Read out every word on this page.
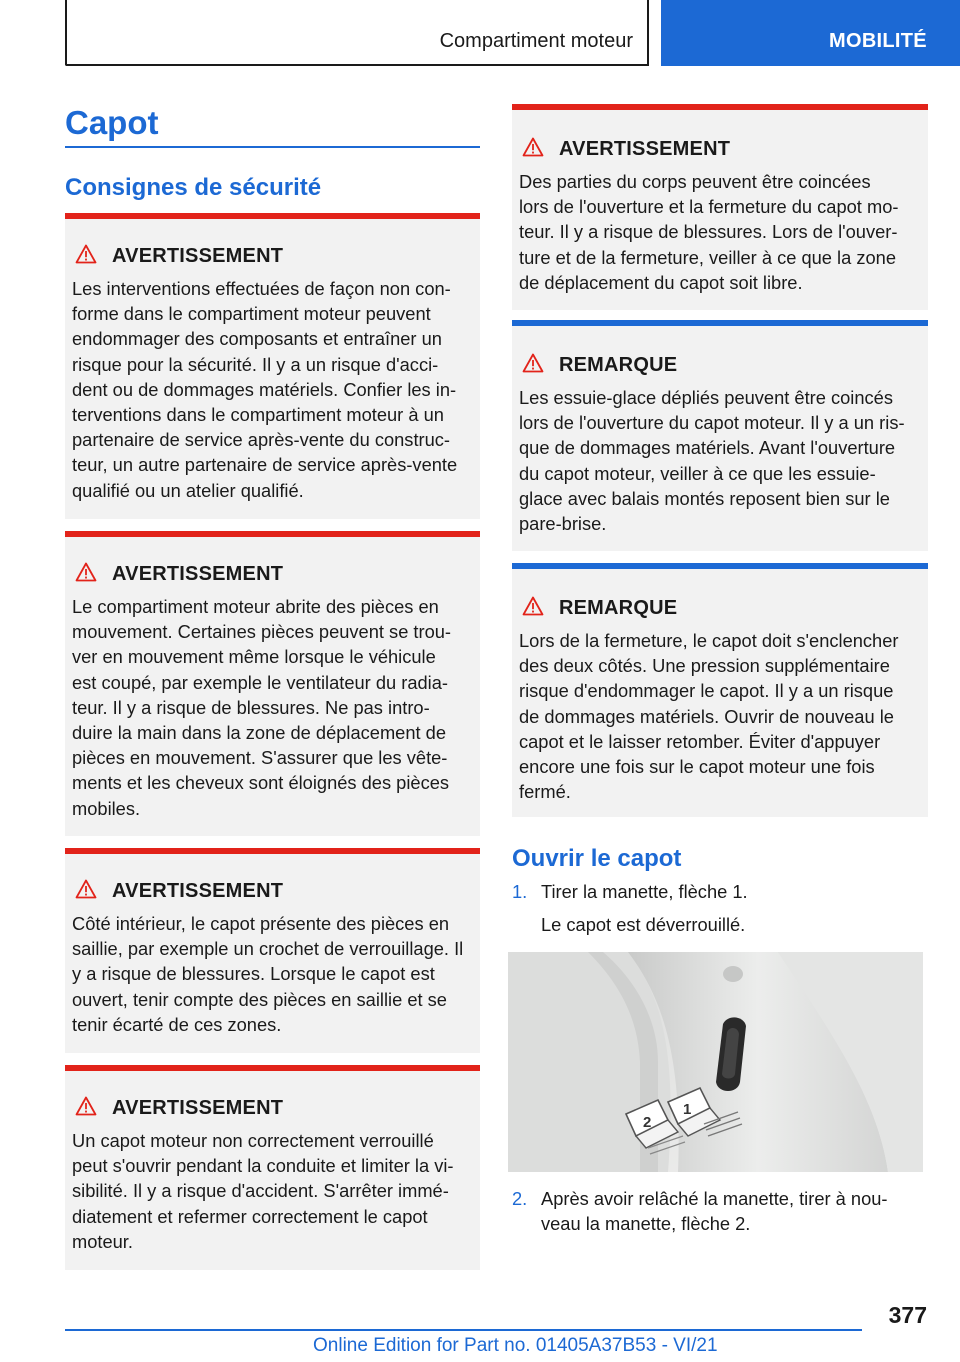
Compartiment moteur	MOBILITÉ
Capot
Consignes de sécurité
AVERTISSEMENT
Les interventions effectuées de façon non con-
forme dans le compartiment moteur peuvent
endommager des composants et entraîner un
risque pour la sécurité. Il y a un risque d'acci-
dent ou de dommages matériels. Confier les in-
terventions dans le compartiment moteur à un
partenaire de service après-vente du construc-
teur, un autre partenaire de service après-vente
qualifié ou un atelier qualifié.
AVERTISSEMENT
Le compartiment moteur abrite des pièces en
mouvement. Certaines pièces peuvent se trou-
ver en mouvement même lorsque le véhicule
est coupé, par exemple le ventilateur du radia-
teur. Il y a risque de blessures. Ne pas intro-
duire la main dans la zone de déplacement de
pièces en mouvement. S'assurer que les vête-
ments et les cheveux sont éloignés des pièces
mobiles.
AVERTISSEMENT
Côté intérieur, le capot présente des pièces en
saillie, par exemple un crochet de verrouillage. Il
y a risque de blessures. Lorsque le capot est
ouvert, tenir compte des pièces en saillie et se
tenir écarté de ces zones.
AVERTISSEMENT
Un capot moteur non correctement verrouillé
peut s'ouvrir pendant la conduite et limiter la vi-
sibilité. Il y a risque d'accident. S'arrêter immé-
diatement et refermer correctement le capot
moteur.
AVERTISSEMENT
Des parties du corps peuvent être coincées
lors de l'ouverture et la fermeture du capot mo-
teur. Il y a risque de blessures. Lors de l'ouver-
ture et de la fermeture, veiller à ce que la zone
de déplacement du capot soit libre.
REMARQUE
Les essuie-glace dépliés peuvent être coincés
lors de l'ouverture du capot moteur. Il y a un ris-
que de dommages matériels. Avant l'ouverture
du capot moteur, veiller à ce que les essuie-
glace avec balais montés reposent bien sur le
pare-brise.
REMARQUE
Lors de la fermeture, le capot doit s'enclencher
des deux côtés. Une pression supplémentaire
risque d'endommager le capot. Il y a un risque
de dommages matériels. Ouvrir de nouveau le
capot et le laisser retomber. Éviter d'appuyer
encore une fois sur le capot moteur une fois
fermé.
Ouvrir le capot
1. Tirer la manette, flèche 1.
Le capot est déverrouillé.
2
1
2. Après avoir relâché la manette, tirer à nou-
veau la manette, flèche 2.
377
Online Edition for Part no. 01405A37B53 - VI/21
